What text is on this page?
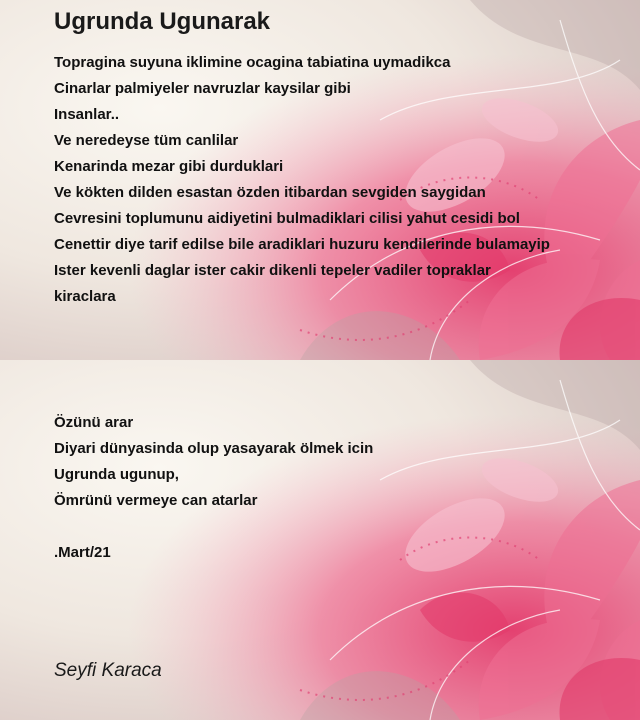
Ugrunda Ugunarak
Topragina suyuna iklimine ocagina tabiatina uymadikca
Cinarlar palmiyeler navruzlar kaysilar gibi
Insanlar..
Ve neredeyse tüm canlilar
Kenarinda mezar gibi durduklari
Ve kökten dilden esastan özden itibardan sevgiden saygidan
Cevresini toplumunu aidiyetini bulmadiklari cilisi yahut cesidi bol
Cenettir diye tarif edilse bile aradiklari huzuru kendilerinde bulamayip
Ister kevenli daglar ister cakir dikenli tepeler vadiler topraklar
kiraclara
Özünü arar
Diyari dünyasinda olup yasayarak ölmek icin
Ugrunda ugunup,
Ömrünü vermeye can atarlar
.Mart/21
Seyfi Karaca
